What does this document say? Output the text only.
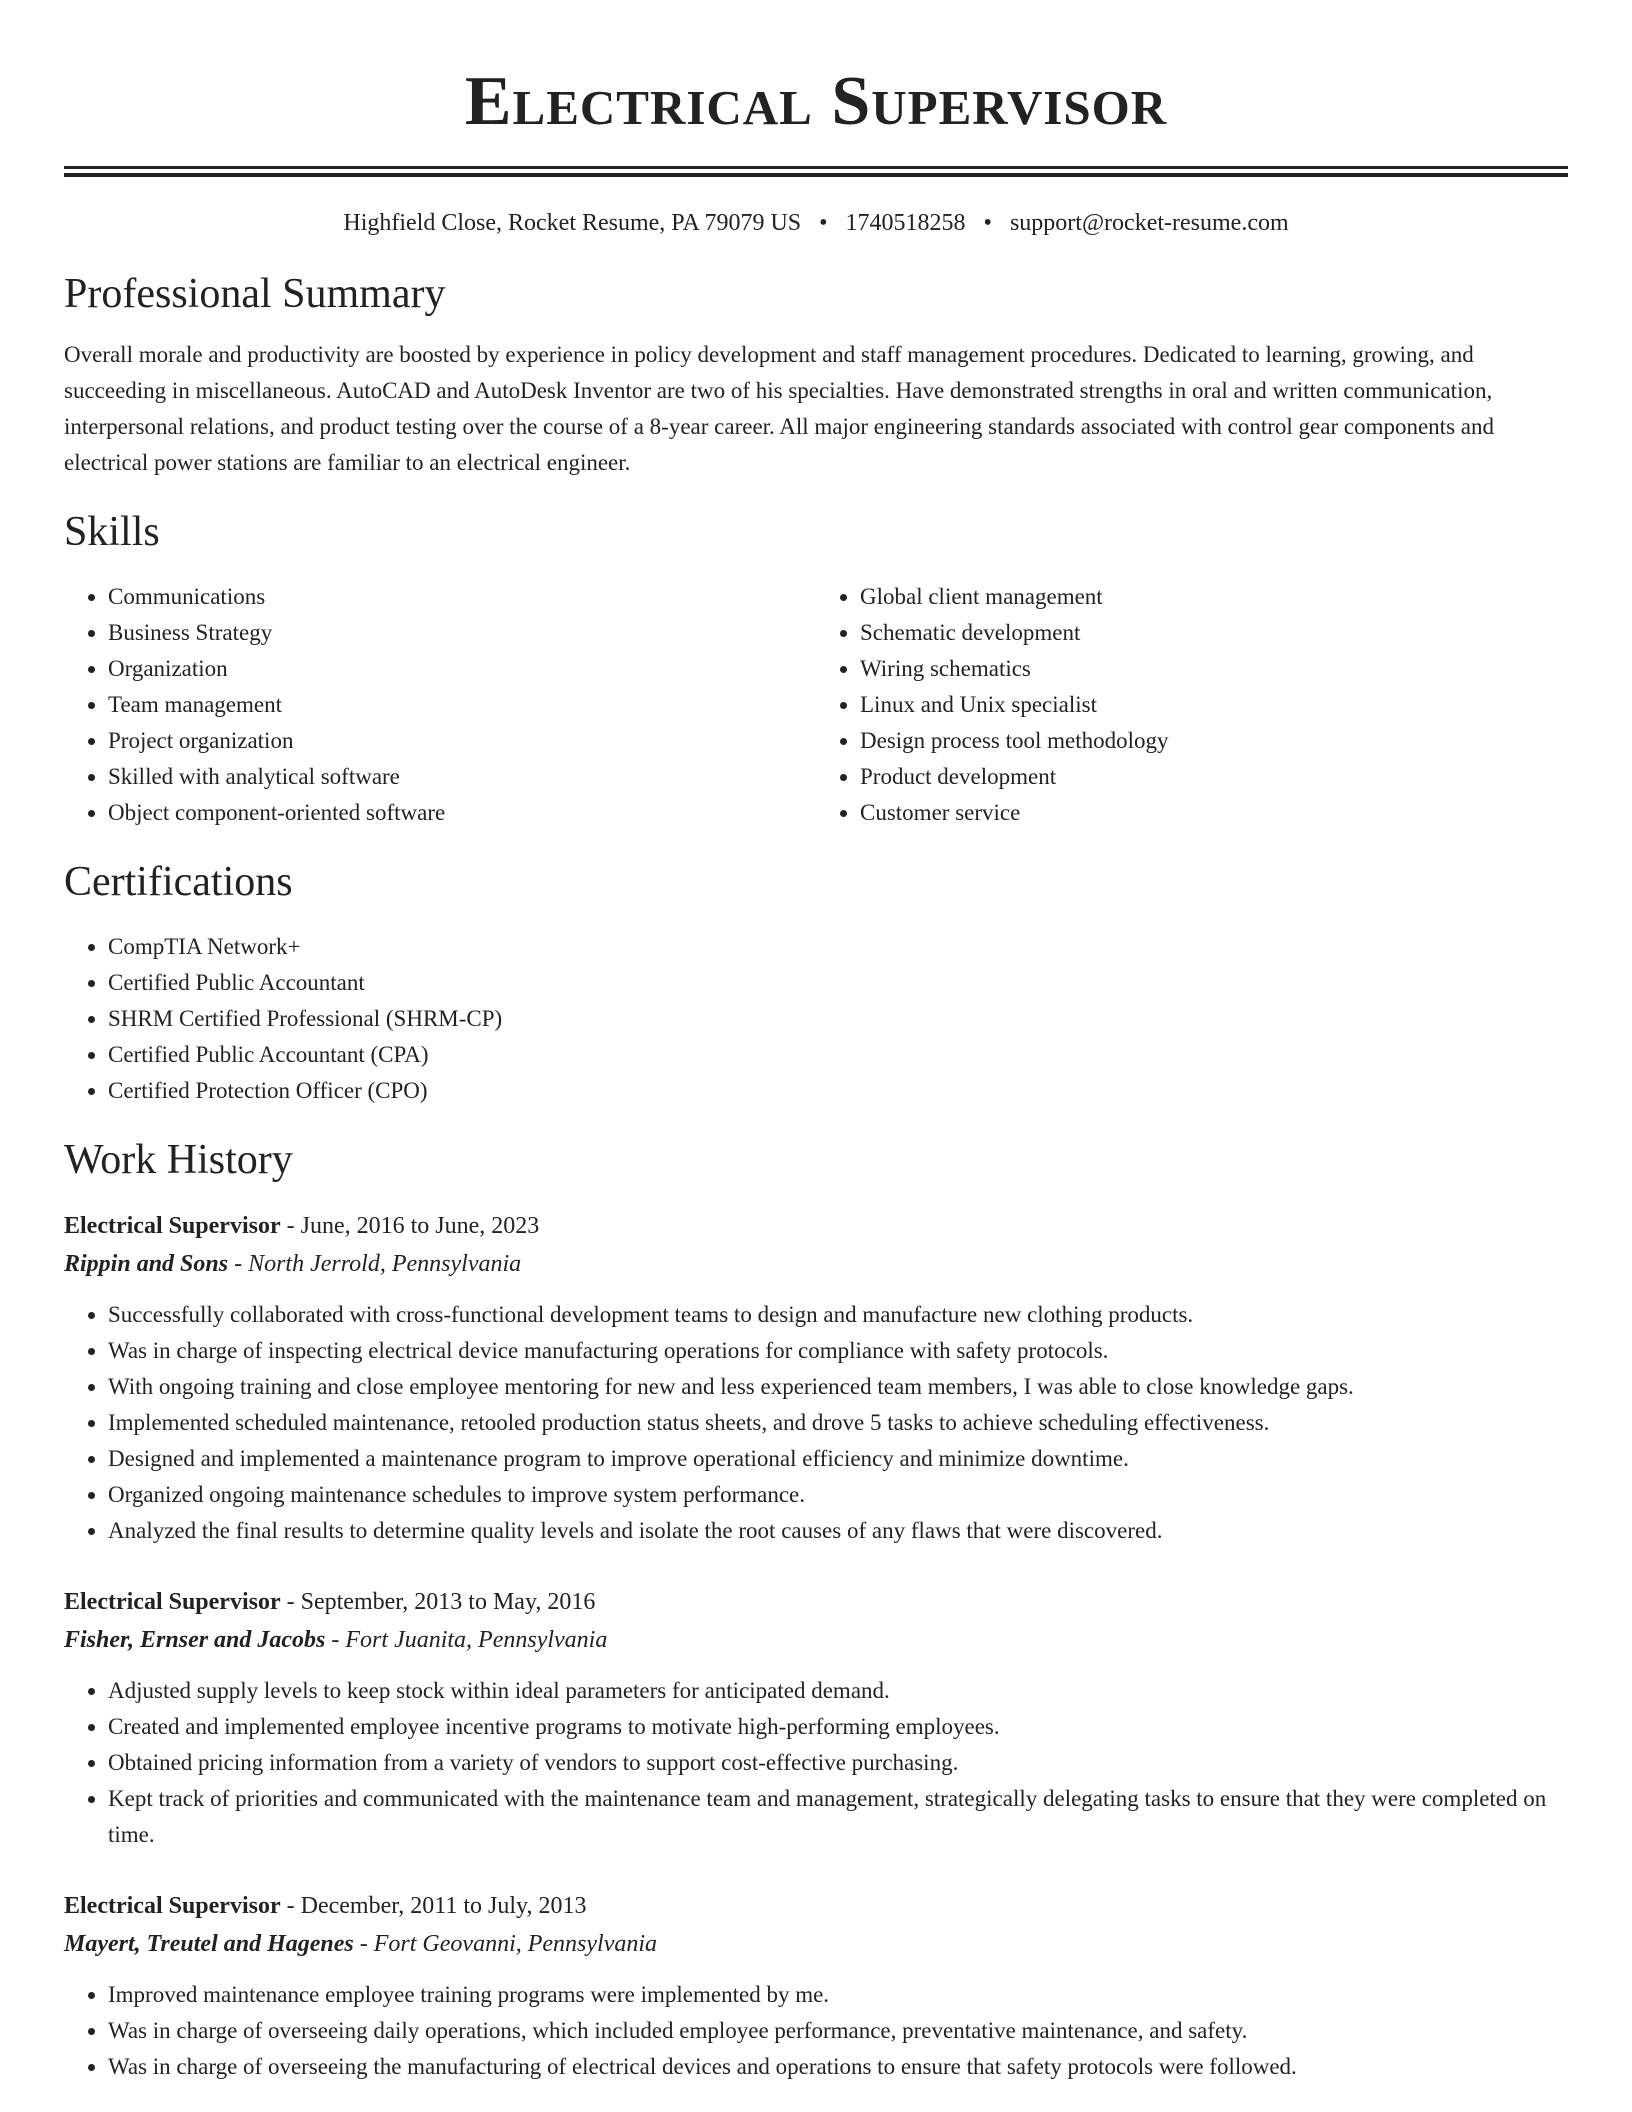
Electrical Supervisor
Highfield Close, Rocket Resume, PA 79079 US • 1740518258 • support@rocket-resume.com
Professional Summary

Overall morale and productivity are boosted by experience in policy development and staff management procedures. Dedicated to learning, growing, and succeeding in miscellaneous. AutoCAD and AutoDesk Inventor are two of his specialties. Have demonstrated strengths in oral and written communication, interpersonal relations, and product testing over the course of a 8-year career. All major engineering standards associated with control gear components and electrical power stations are familiar to an electrical engineer.

Skills
• Communications
• Business Strategy
• Organization
• Team management
• Project organization
• Skilled with analytical software
• Object component-oriented software
• Global client management
• Schematic development
• Wiring schematics
• Linux and Unix specialist
• Design process tool methodology
• Product development
• Customer service
Certifications
• CompTIA Network+
• Certified Public Accountant
• SHRM Certified Professional (SHRM-CP)
• Certified Public Accountant (CPA)
• Certified Protection Officer (CPO)
Work History
Electrical Supervisor - June, 2016 to June, 2023
Rippin and Sons - North Jerrold, Pennsylvania
• Successfully collaborated with cross-functional development teams to design and manufacture new clothing products.
• Was in charge of inspecting electrical device manufacturing operations for compliance with safety protocols.
• With ongoing training and close employee mentoring for new and less experienced team members, I was able to close knowledge gaps.
• Implemented scheduled maintenance, retooled production status sheets, and drove 5 tasks to achieve scheduling effectiveness.
• Designed and implemented a maintenance program to improve operational efficiency and minimize downtime.
• Organized ongoing maintenance schedules to improve system performance.
• Analyzed the final results to determine quality levels and isolate the root causes of any flaws that were discovered.
Electrical Supervisor - September, 2013 to May, 2016
Fisher, Ernser and Jacobs - Fort Juanita, Pennsylvania
• Adjusted supply levels to keep stock within ideal parameters for anticipated demand.
• Created and implemented employee incentive programs to motivate high-performing employees.
• Obtained pricing information from a variety of vendors to support cost-effective purchasing.
• Kept track of priorities and communicated with the maintenance team and management, strategically delegating tasks to ensure that they were completed on time.
Electrical Supervisor - December, 2011 to July, 2013
Mayert, Treutel and Hagenes - Fort Geovanni, Pennsylvania
• Improved maintenance employee training programs were implemented by me.
• Was in charge of overseeing daily operations, which included employee performance, preventative maintenance, and safety.
• Was in charge of overseeing the manufacturing of electrical devices and operations to ensure that safety protocols were followed.
